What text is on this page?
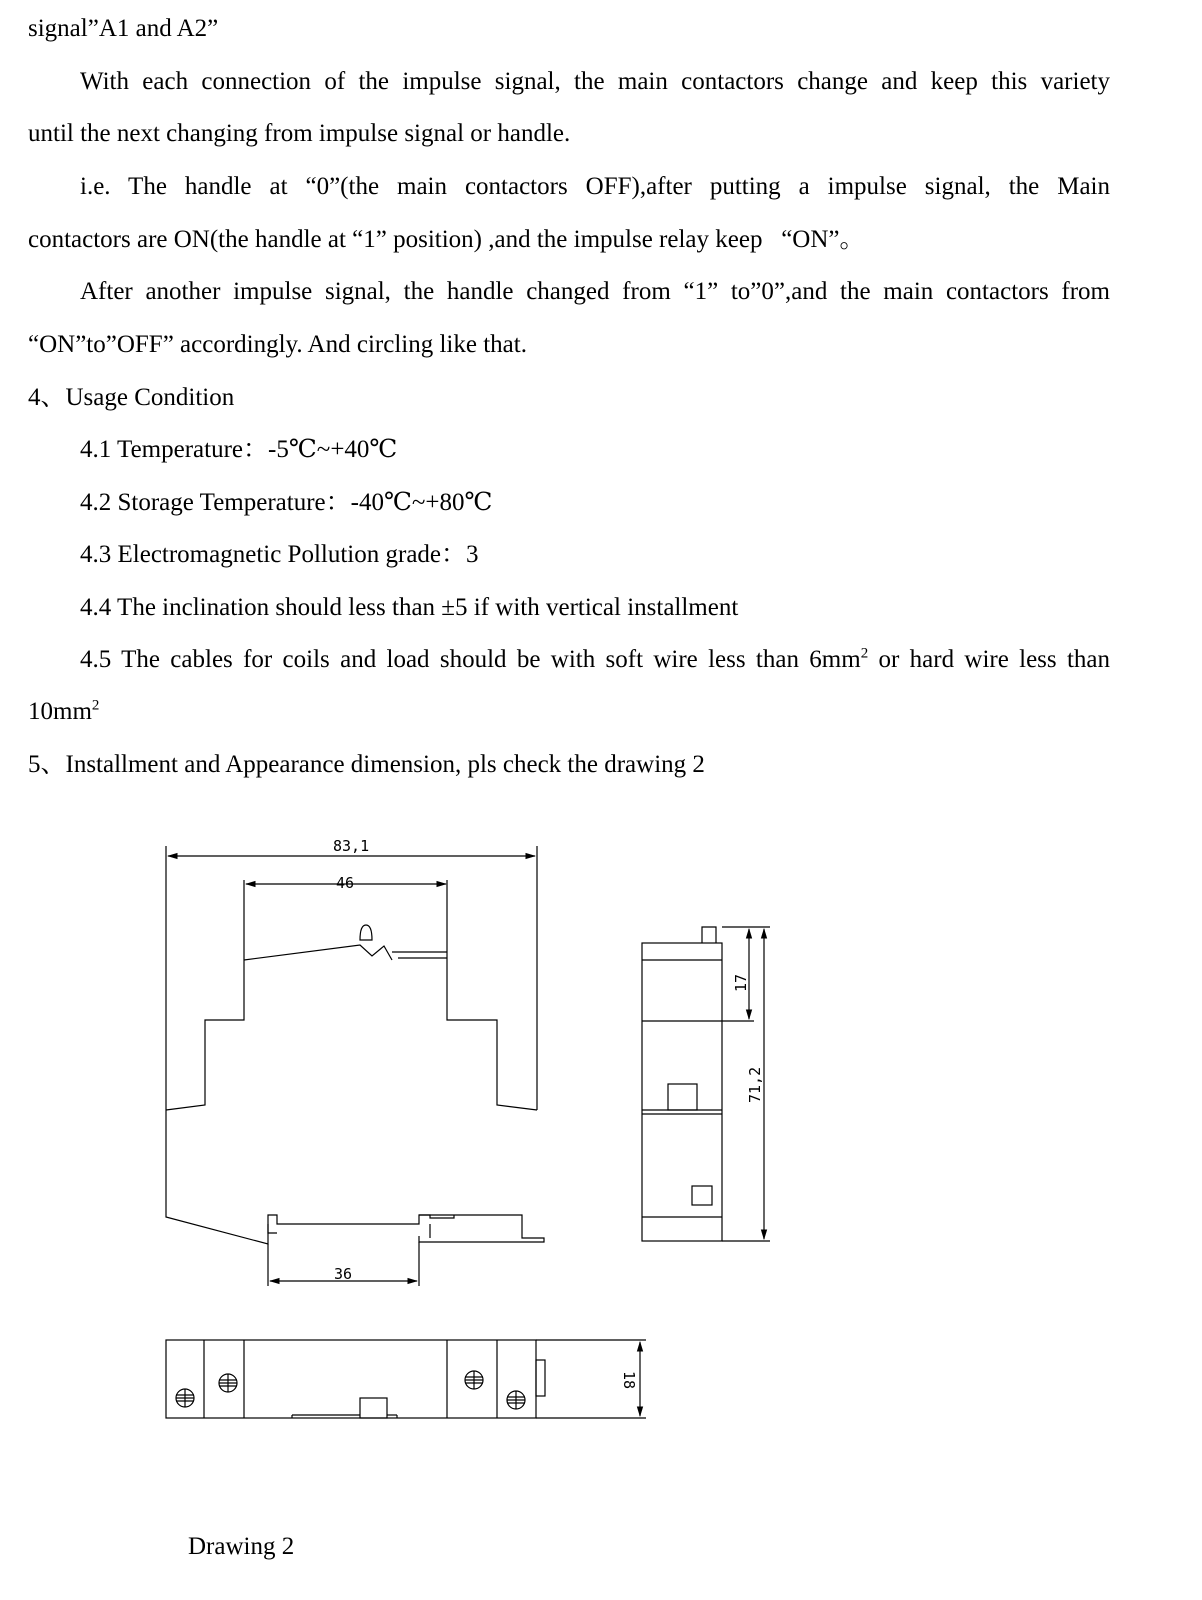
signal”A1 and A2”

With each connection of the impulse signal, the main contactors change and keep this variety

until the next changing from impulse signal or handle.

i.e. The handle at “0”(the main contactors OFF),after putting a impulse signal, the Main

contactors are ON(the handle at “1” position) ,and the impulse relay keep   “ON”。

After another impulse signal, the handle changed from “1” to”0”,and the main contactors from

“ON”to”OFF” accordingly. And circling like that.

4、Usage Condition

4.1 Temperature：-5℃~+40℃

4.2 Storage Temperature：-40℃~+80℃

4.3 Electromagnetic Pollution grade：3

4.4 The inclination should less than ±5 if with vertical installment

4.5 The cables for coils and load should be with soft wire less than $6mm^2$ or hard wire less than

$10mm^2$

5、Installment and Appearance dimension, pls check the drawing 2

83,1
46
36
17
71,2
18
Drawing 2
